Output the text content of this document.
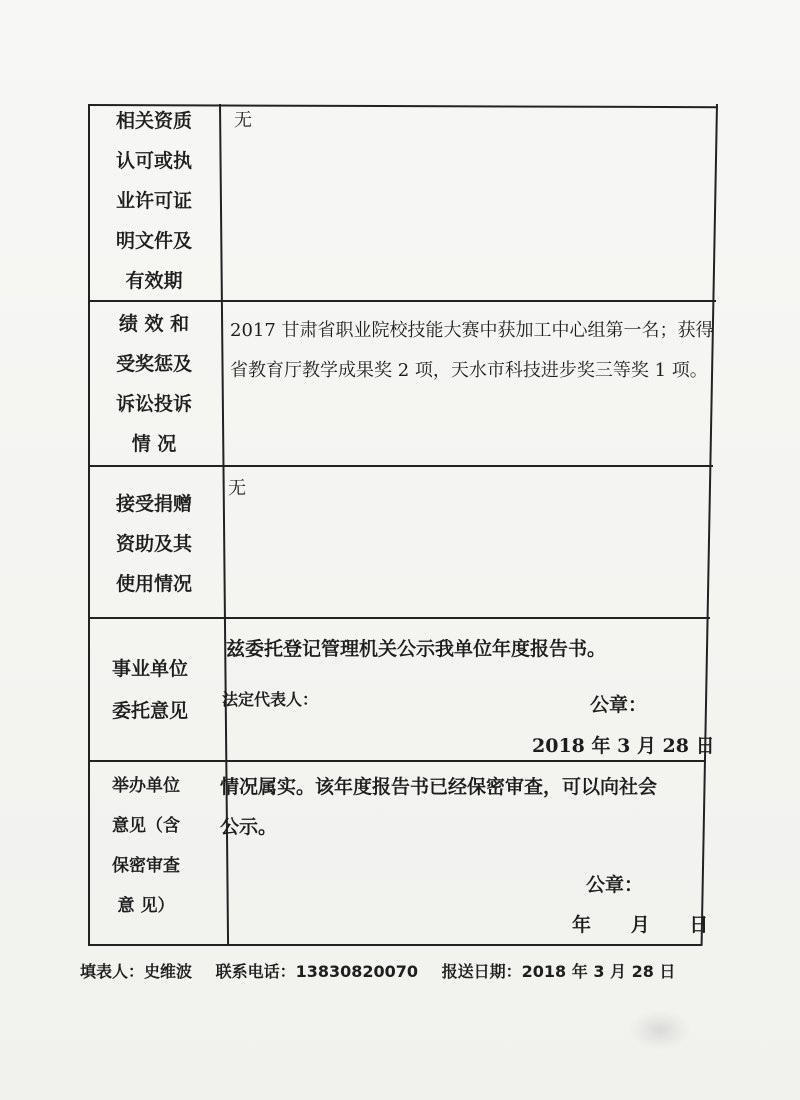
相关资质
认可或执
业许可证
明文件及
有效期
无
绩 效 和
受奖惩及
诉讼投诉
情 况
2017 甘肃省职业院校技能大赛中获加工中心组第一名；获得
省教育厅教学成果奖 2 项，天水市科技进步奖三等奖 1 项。
接受捐赠
资助及其
使用情况
无
事业单位
委托意见
兹委托登记管理机关公示我单位年度报告书。
法定代表人：	公章：
2018 年 3 月 28 日
举办单位
意见（含
保密审查
意 见）
情况属实。该年度报告书已经保密审查，可以向社会
公示。
公章：
年      月      日
填表人：史维波 联系电话：13830820070 报送日期：2018 年 3 月 28 日
